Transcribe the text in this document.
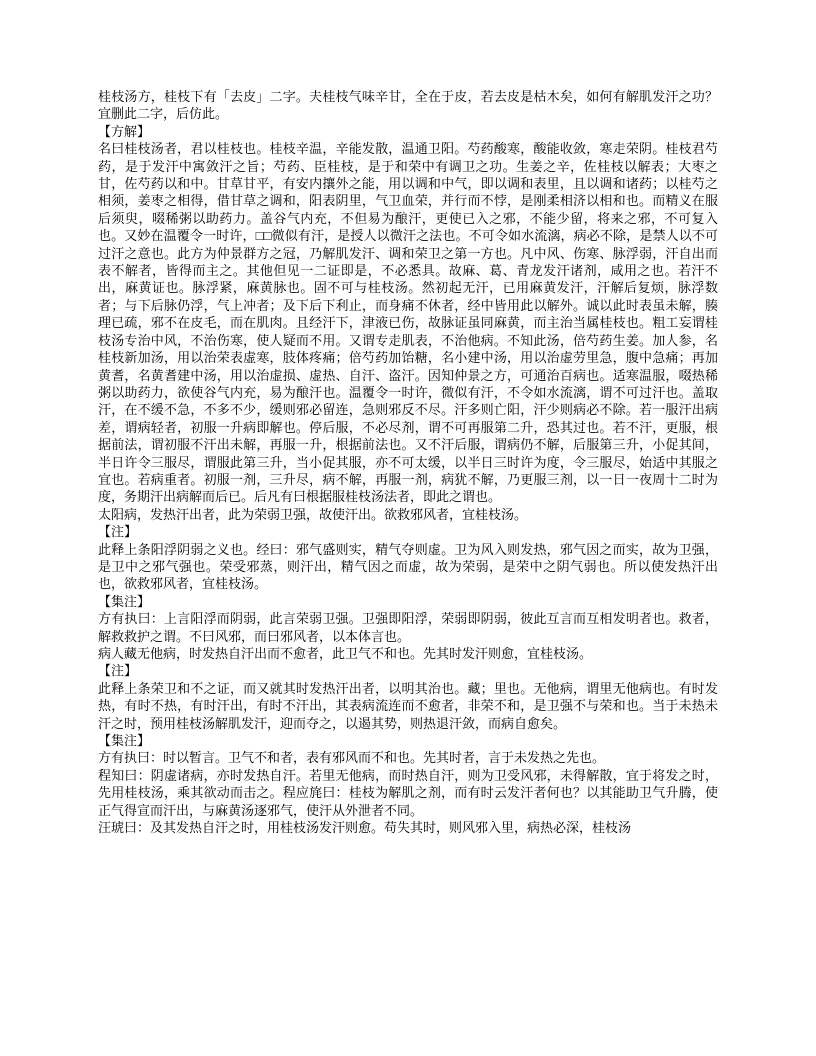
桂枝汤方，桂枝下有「去皮」二字。夫桂枝气味辛甘，全在于皮，若去皮是枯木矣，如何有解肌发汗之功？宜删此二字，后仿此。

【方解】

名曰桂枝汤者，君以桂枝也。桂枝辛温，辛能发散，温通卫阳。芍药酸寒，酸能收敛，寒走荣阴。桂枝君芍药，是于发汗中寓敛汗之旨；芍药、臣桂枝，是于和荣中有调卫之功。生姜之辛，佐桂枝以解表；大枣之甘，佐芍药以和中。甘草甘平，有安内攘外之能，用以调和中气，即以调和表里，且以调和诸药；以桂芍之相须，姜枣之相得，借甘草之调和，阳表阴里，气卫血荣，并行而不悖，是刚柔相济以相和也。而精义在服后须臾，啜稀粥以助药力。盖谷气内充，不但易为酿汗，更使已入之邪，不能少留，将来之邪，不可复入也。又妙在温覆令一时许，□□微似有汗，是授人以微汗之法也。不可令如水流漓，病必不除，是禁人以不可过汗之意也。此方为仲景群方之冠，乃解肌发汗、调和荣卫之第一方也。凡中风、伤寒、脉浮弱，汗自出而表不解者，皆得而主之。其他但见一二证即是，不必悉具。故麻、葛、青龙发汗诸剂，咸用之也。若汗不出，麻黄证也。脉浮紧，麻黄脉也。固不可与桂枝汤。然初起无汗，已用麻黄发汗，汗解后复烦，脉浮数者；与下后脉仍浮，气上冲者；及下后下利止，而身痛不休者，经中皆用此以解外。诚以此时表虽未解，腠理已疏，邪不在皮毛，而在肌肉。且经汗下，津液已伤，故脉证虽同麻黄，而主治当属桂枝也。粗工妄谓桂枝汤专治中风，不治伤寒，使人疑而不用。又谓专走肌表，不治他病。不知此汤，倍芍药生姜。加人参，名桂枝新加汤，用以治荣表虚寒，肢体疼痛；倍芍药加饴糖，名小建中汤，用以治虚劳里急，腹中急痛；再加黄耆，名黄耆建中汤，用以治虚损、虚热、自汗、盗汗。因知仲景之方，可通治百病也。适寒温服，啜热稀粥以助药力，欲使谷气内充，易为酿汗也。温覆令一时许，微似有汗，不令如水流漓，谓不可过汗也。盖取汗，在不缓不急，不多不少，缓则邪必留连，急则邪反不尽。汗多则亡阳，汗少则病必不除。若一服汗出病差，谓病轻者，初服一升病即解也。停后服，不必尽剂，谓不可再服第二升，恐其过也。若不汗，更服，根据前法，谓初服不汗出未解，再服一升，根据前法也。又不汗后服，谓病仍不解，后服第三升，小促其间，半日许令三服尽，谓服此第三升，当小促其服，亦不可太缓，以半日三时许为度，令三服尽，始适中其服之宜也。若病重者。初服一剂，三升尽，病不解，再服一剂，病犹不解，乃更服三剂，以一日一夜周十二时为度，务期汗出病解而后已。后凡有曰根据服桂枝汤法者，即此之谓也。

太阳病，发热汗出者，此为荣弱卫强，故使汗出。欲救邪风者，宜桂枝汤。

【注】

此释上条阳浮阴弱之义也。经曰：邪气盛则实，精气夺则虚。卫为风入则发热，邪气因之而实，故为卫强，是卫中之邪气强也。荣受邪蒸，则汗出，精气因之而虚，故为荣弱，是荣中之阴气弱也。所以使发热汗出也，欲救邪风者，宜桂枝汤。

【集注】

方有执曰：上言阳浮而阴弱，此言荣弱卫强。卫强即阳浮，荣弱即阴弱，彼此互言而互相发明者也。救者，解救救护之谓。不曰风邪，而曰邪风者，以本体言也。

病人藏无他病，时发热自汗出而不愈者，此卫气不和也。先其时发汗则愈，宜桂枝汤。

【注】

此释上条荣卫和不之证，而又就其时发热汗出者，以明其治也。藏；里也。无他病，谓里无他病也。有时发热，有时不热，有时汗出，有时不汗出，其表病流连而不愈者，非荣不和，是卫强不与荣和也。当于未热未汗之时，预用桂枝汤解肌发汗，迎而夺之，以遏其势，则热退汗敛，而病自愈矣。

【集注】

方有执曰：时以暂言。卫气不和者，表有邪风而不和也。先其时者，言于未发热之先也。

程知曰：阴虚诸病，亦时发热自汗。若里无他病，而时热自汗，则为卫受风邪，未得解散，宜于将发之时，先用桂枝汤，乘其欲动而击之。程应旄曰：桂枝为解肌之剂，而有时云发汗者何也？以其能助卫气升腾，使正气得宣而汗出，与麻黄汤逐邪气，使汗从外泄者不同。

汪琥曰：及其发热自汗之时，用桂枝汤发汗则愈。苟失其时，则风邪入里，病热必深，桂枝汤
